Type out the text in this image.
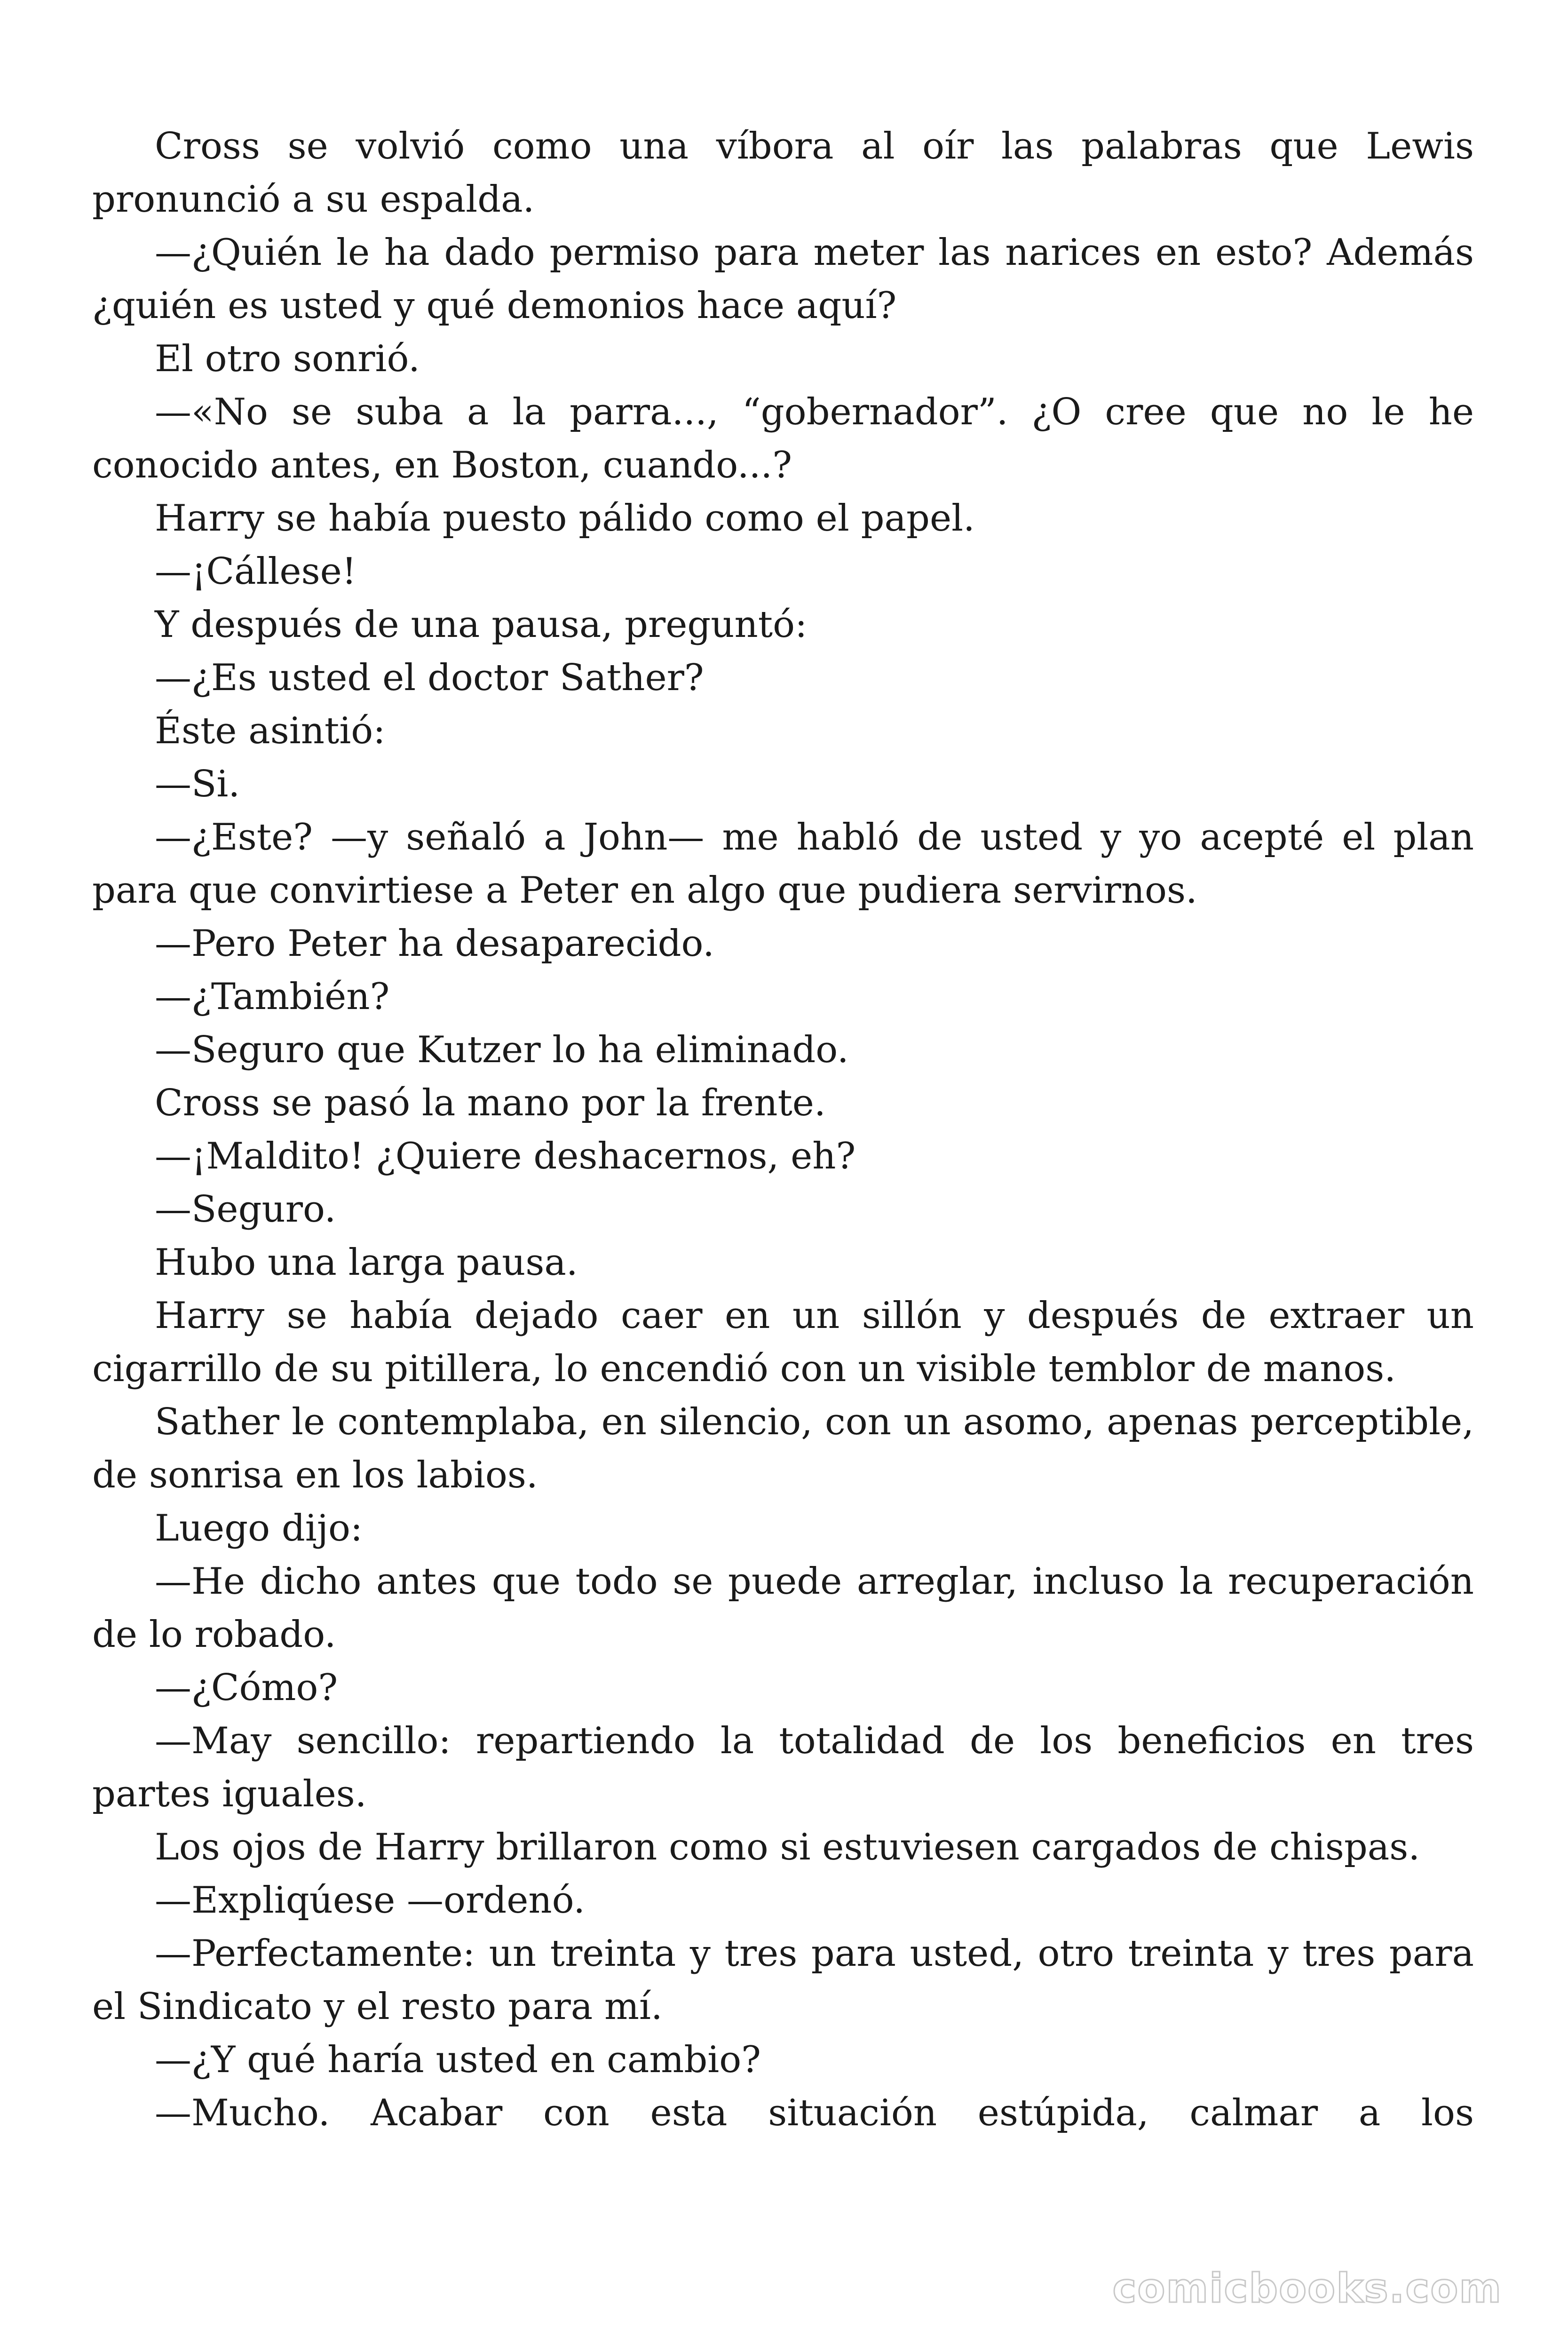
Cross se volvió como una víbora al oír las palabras que Lewis pronunció a su espalda.

—¿Quién le ha dado permiso para meter las narices en esto? Además ¿quién es usted y qué demonios hace aquí?

El otro sonrió.

—«No se suba a la parra..., “gobernador”. ¿O cree que no le he conocido antes, en Boston, cuando...?

Harry se había puesto pálido como el papel.

—¡Cállese!

Y después de una pausa, preguntó:

—¿Es usted el doctor Sather?

Éste asintió:

—Si.

—¿Este? —y señaló a John— me habló de usted y yo acepté el plan para que convirtiese a Peter en algo que pudiera servirnos.

—Pero Peter ha desaparecido.

—¿También?

—Seguro que Kutzer lo ha eliminado.

Cross se pasó la mano por la frente.

—¡Maldito! ¿Quiere deshacernos, eh?

—Seguro.

Hubo una larga pausa.

Harry se había dejado caer en un sillón y después de extraer un cigarrillo de su pitillera, lo encendió con un visible temblor de manos.

Sather le contemplaba, en silencio, con un asomo, apenas perceptible, de sonrisa en los labios.

Luego dijo:

—He dicho antes que todo se puede arreglar, incluso la recuperación de lo robado.

—¿Cómo?

—May sencillo: repartiendo la totalidad de los beneficios en tres partes iguales.

Los ojos de Harry brillaron como si estuviesen cargados de chispas.

—Expliqúese —ordenó.

—Perfectamente: un treinta y tres para usted, otro treinta y tres para el Sindicato y el resto para mí.

—¿Y qué haría usted en cambio?

—Mucho. Acabar con esta situación estúpida, calmar a los

comicbooks.com
